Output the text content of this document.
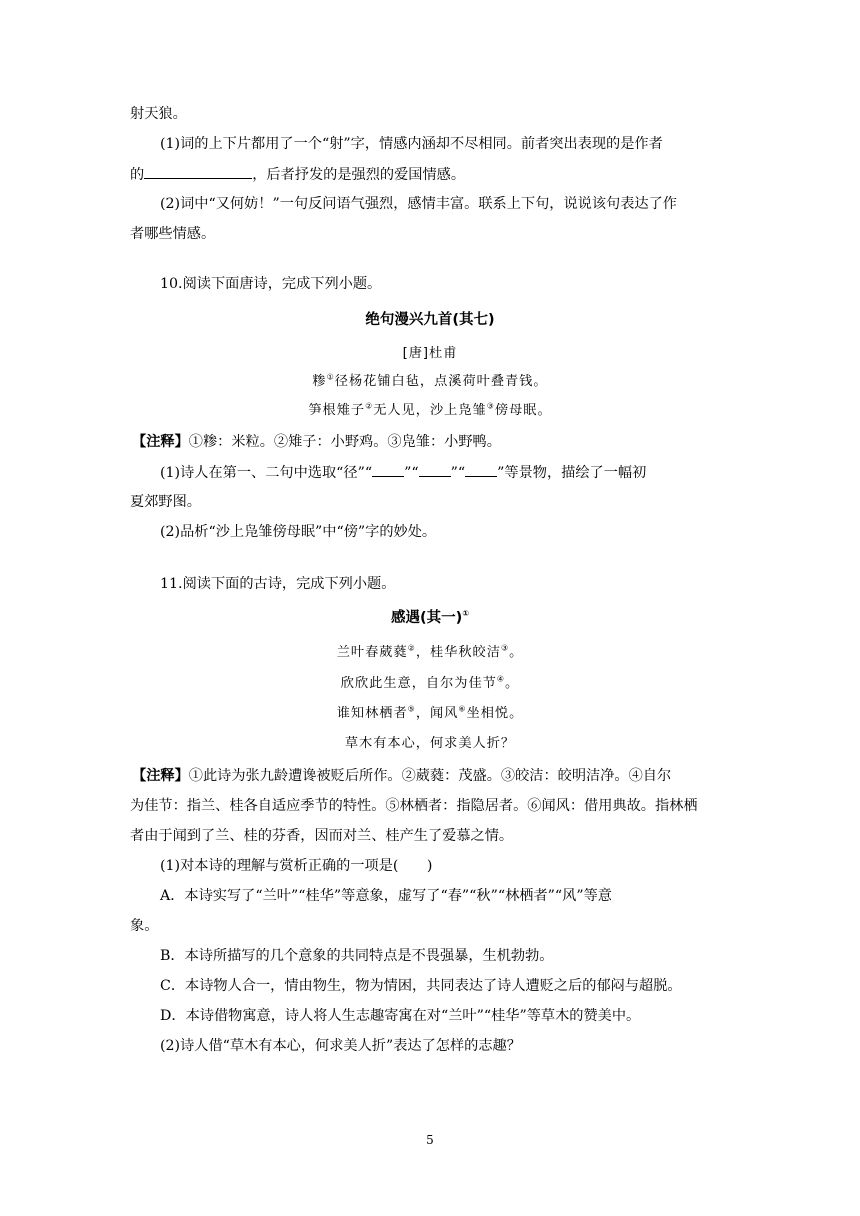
射天狼。
(1)词的上下片都用了一个“射”字，情感内涵却不尽相同。前者突出表现的是作者
的	，后者抒发的是强烈的爱国情感。
(2)词中“又何妨！”一句反问语气强烈，感情丰富。联系上下句，说说该句表达了作
者哪些情感。
10.阅读下面唐诗，完成下列小题。
绝句漫兴九首(其七)
[唐]杜甫
糁①径杨花铺白毡，点溪荷叶叠青钱。
笋根雉子②无人见，沙上凫雏③傍母眠。
【注释】①糁：米粒。②雉子：小野鸡。③凫雏：小野鸭。
(1)诗人在第一、二句中选取“径”“ ”“ ”“ ”等景物，描绘了一幅初
夏郊野图。
(2)品析“沙上凫雏傍母眠”中“傍”字的妙处。
11.阅读下面的古诗，完成下列小题。
感遇(其一)①
兰叶春葳蕤②，桂华秋皎洁③。
欣欣此生意，自尔为佳节④。
谁知林栖者⑤，闻风⑥坐相悦。
草木有本心，何求美人折？
【注释】①此诗为张九龄遭谗被贬后所作。②葳蕤：茂盛。③皎洁：皎明洁净。④自尔
为佳节：指兰、桂各自适应季节的特性。⑤林栖者：指隐居者。⑥闻风：借用典故。指林栖
者由于闻到了兰、桂的芬香，因而对兰、桂产生了爱慕之情。
(1)对本诗的理解与赏析正确的一项是(　　)
A．本诗实写了“兰叶”“桂华”等意象，虚写了“春”“秋”“林栖者”“风”等意
象。
B．本诗所描写的几个意象的共同特点是不畏强暴，生机勃勃。
C．本诗物人合一，情由物生，物为情困，共同表达了诗人遭贬之后的郁闷与超脱。
D．本诗借物寓意，诗人将人生志趣寄寓在对“兰叶”“桂华”等草木的赞美中。
(2)诗人借“草木有本心，何求美人折”表达了怎样的志趣？
5
